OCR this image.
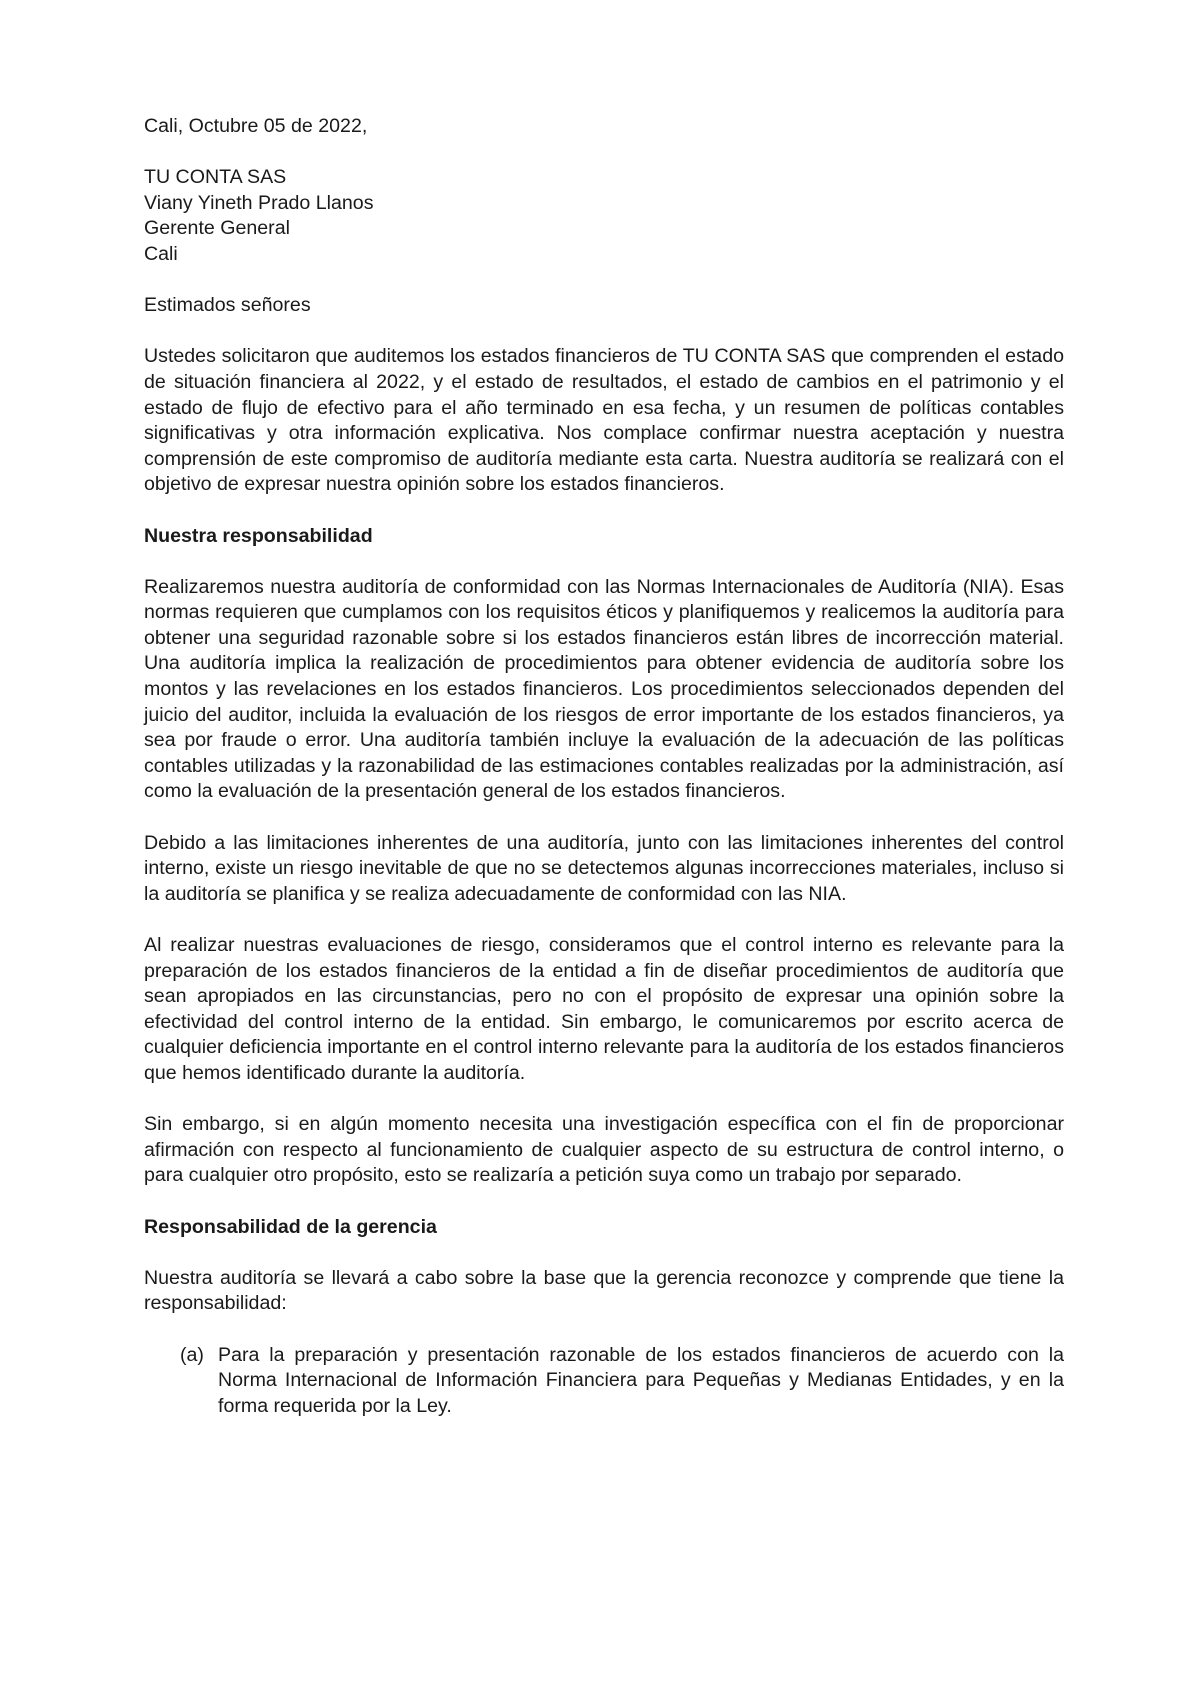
Cali, Octubre 05 de 2022,
TU CONTA SAS
Viany Yineth Prado Llanos
Gerente General
Cali
Estimados señores

Ustedes solicitaron que auditemos los estados financieros de TU CONTA SAS que comprenden el estado de situación financiera al 2022, y el estado de resultados, el estado de cambios en el patrimonio y el estado de flujo de efectivo para el año terminado en esa fecha, y un resumen de políticas contables significativas y otra información explicativa. Nos complace confirmar nuestra aceptación y nuestra comprensión de este compromiso de auditoría mediante esta carta. Nuestra auditoría se realizará con el objetivo de expresar nuestra opinión sobre los estados financieros.

Nuestra responsabilidad

Realizaremos nuestra auditoría de conformidad con las Normas Internacionales de Auditoría (NIA). Esas normas requieren que cumplamos con los requisitos éticos y planifiquemos y realicemos la auditoría para obtener una seguridad razonable sobre si los estados financieros están libres de incorrección material. Una auditoría implica la realización de procedimientos para obtener evidencia de auditoría sobre los montos y las revelaciones en los estados financieros. Los procedimientos seleccionados dependen del juicio del auditor, incluida la evaluación de los riesgos de error importante de los estados financieros, ya sea por fraude o error. Una auditoría también incluye la evaluación de la adecuación de las políticas contables utilizadas y la razonabilidad de las estimaciones contables realizadas por la administración, así como la evaluación de la presentación general de los estados financieros.

Debido a las limitaciones inherentes de una auditoría, junto con las limitaciones inherentes del control interno, existe un riesgo inevitable de que no se detectemos algunas incorrecciones materiales, incluso si la auditoría se planifica y se realiza adecuadamente de conformidad con las NIA.

Al realizar nuestras evaluaciones de riesgo, consideramos que el control interno es relevante para la preparación de los estados financieros de la entidad a fin de diseñar procedimientos de auditoría que sean apropiados en las circunstancias, pero no con el propósito de expresar una opinión sobre la efectividad del control interno de la entidad. Sin embargo, le comunicaremos por escrito acerca de cualquier deficiencia importante en el control interno relevante para la auditoría de los estados financieros que hemos identificado durante la auditoría.

Sin embargo, si en algún momento necesita una investigación específica con el fin de proporcionar afirmación con respecto al funcionamiento de cualquier aspecto de su estructura de control interno, o para cualquier otro propósito, esto se realizaría a petición suya como un trabajo por separado.

Responsabilidad de la gerencia

Nuestra auditoría se llevará a cabo sobre la base que la gerencia reconozce y comprende que tiene la responsabilidad:

(a) Para la preparación y presentación razonable de los estados financieros de acuerdo con la Norma Internacional de Información Financiera para Pequeñas y Medianas Entidades, y en la forma requerida por la Ley.
